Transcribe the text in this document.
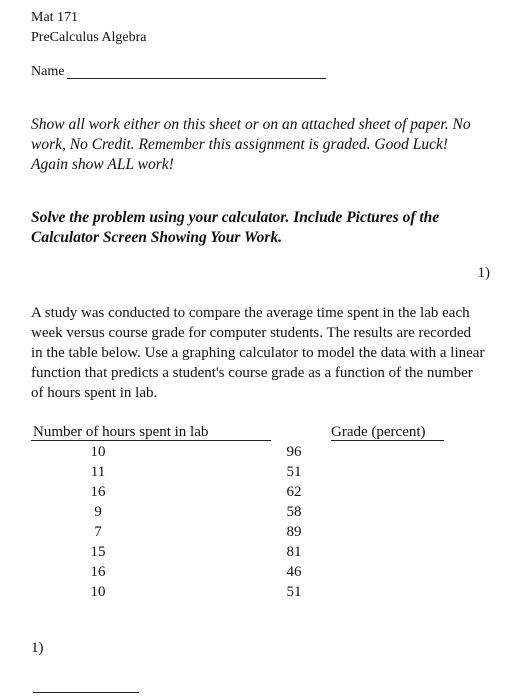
Mat 171
PreCalculus Algebra
Name
Show all work either on this sheet or on an attached sheet of paper. No work, No Credit. Remember this assignment is graded. Good Luck! Again show ALL work!
Solve the problem using your calculator. Include Pictures of the Calculator Screen Showing Your Work.
1)
A study was conducted to compare the average time spent in the lab each week versus course grade for computer students. The results are recorded in the table below. Use a graphing calculator to model the data with a linear function that predicts a student's course grade as a function of the number of hours spent in lab.
Number of hours spent in lab	Grade (percent)
10
11
16
9
7
15
16
10
96
51
62
58
89
81
46
51
1)
